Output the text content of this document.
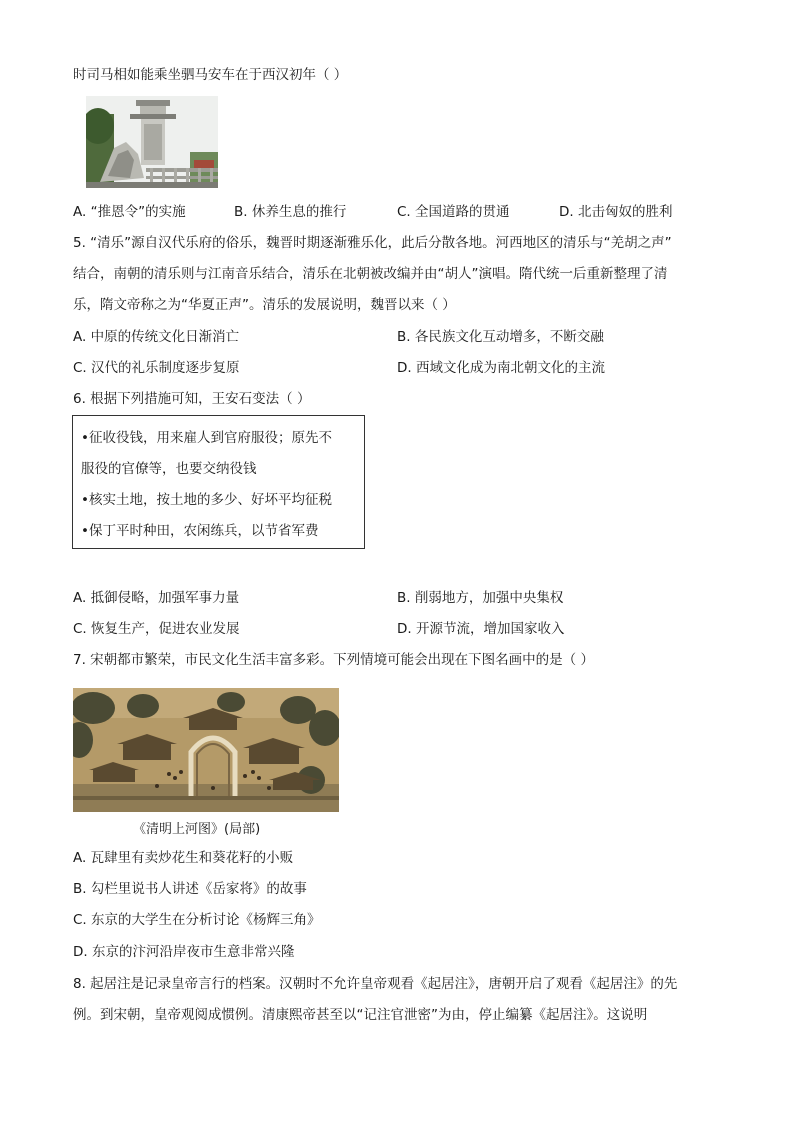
时司马相如能乘坐驷马安车在于西汉初年（ ）
A. “推恩令”的实施	B. 休养生息的推行	C. 全国道路的贯通	D. 北击匈奴的胜利
5. “清乐”源自汉代乐府的俗乐，魏晋时期逐渐雅乐化，此后分散各地。河西地区的清乐与“羌胡之声”
结合，南朝的清乐则与江南音乐结合，清乐在北朝被改编并由“胡人”演唱。隋代统一后重新整理了清
乐，隋文帝称之为“华夏正声”。清乐的发展说明，魏晋以来（ ）
A. 中原的传统文化日渐消亡	B. 各民族文化互动增多，不断交融
C. 汉代的礼乐制度逐步复原	D. 西域文化成为南北朝文化的主流
6. 根据下列措施可知，王安石变法（ ）
•征收役钱，用来雇人到官府服役；原先不
服役的官僚等，也要交纳役钱
•核实土地，按土地的多少、好坏平均征税
•保丁平时种田，农闲练兵，以节省军费
A. 抵御侵略，加强军事力量	B. 削弱地方，加强中央集权
C. 恢复生产，促进农业发展	D. 开源节流，增加国家收入
7. 宋朝都市繁荣，市民文化生活丰富多彩。下列情境可能会出现在下图名画中的是（ ）
《清明上河图》(局部)
A. 瓦肆里有卖炒花生和葵花籽的小贩
B. 勾栏里说书人讲述《岳家将》的故事
C. 东京的大学生在分析讨论《杨辉三角》
D. 东京的汴河沿岸夜市生意非常兴隆
8. 起居注是记录皇帝言行的档案。汉朝时不允许皇帝观看《起居注》，唐朝开启了观看《起居注》的先
例。到宋朝，皇帝观阅成惯例。清康熙帝甚至以“记注官泄密”为由，停止编纂《起居注》。这说明
